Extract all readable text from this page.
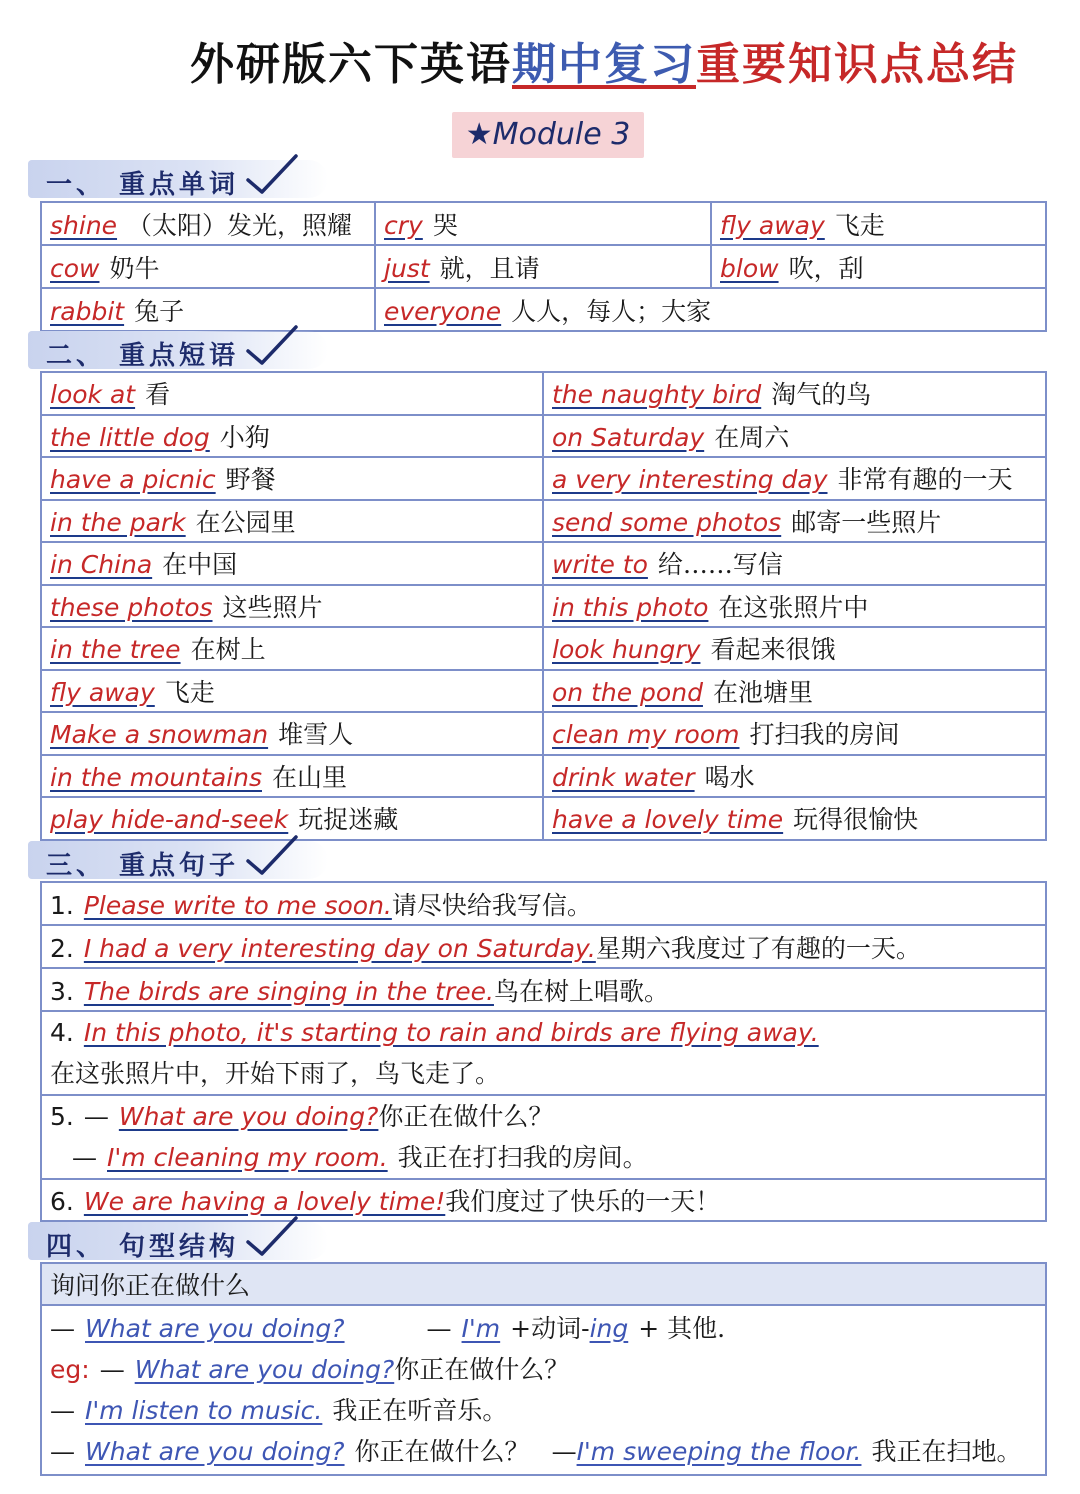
外研版六下英语期中复习重要知识点总结
★Module 3
一、 重点单词
shine （太阳）发光，照耀	cry 哭	fly away 飞走
cow 奶牛	just 就，且请	blow 吹，刮
rabbit 兔子	everyone 人人，每人；大家	
二、 重点短语
look at 看	the naughty bird 淘气的鸟
the little dog 小狗	on Saturday 在周六
have a picnic 野餐	a very interesting day 非常有趣的一天
in the park 在公园里	send some photos 邮寄一些照片
in China 在中国	write to 给……写信
these photos 这些照片	in this photo 在这张照片中
in the tree 在树上	look hungry 看起来很饿
fly away 飞走	on the pond 在池塘里
Make a snowman 堆雪人	clean my room 打扫我的房间
in the mountains 在山里	drink water 喝水
play hide-and-seek 玩捉迷藏	have a lovely time 玩得很愉快
三、 重点句子
1. Please write to me soon.请尽快给我写信。
2. I had a very interesting day on Saturday.星期六我度过了有趣的一天。
3. The birds are singing in the tree.鸟在树上唱歌。
4. In this photo, it's starting to rain and birds are flying away.
在这张照片中，开始下雨了，鸟飞走了。
5. — What are you doing?你正在做什么？
— I'm cleaning my room. 我正在打扫我的房间。
6. We are having a lovely time!我们度过了快乐的一天！
四、 句型结构
询问你正在做什么

— What are you doing?	— I'm +动词-ing + 其他.
eg: — What are you doing?你正在做什么？
— I'm listen to music. 我正在听音乐。
— What are you doing? 你正在做什么？ —I'm sweeping the floor. 我正在扫地。
